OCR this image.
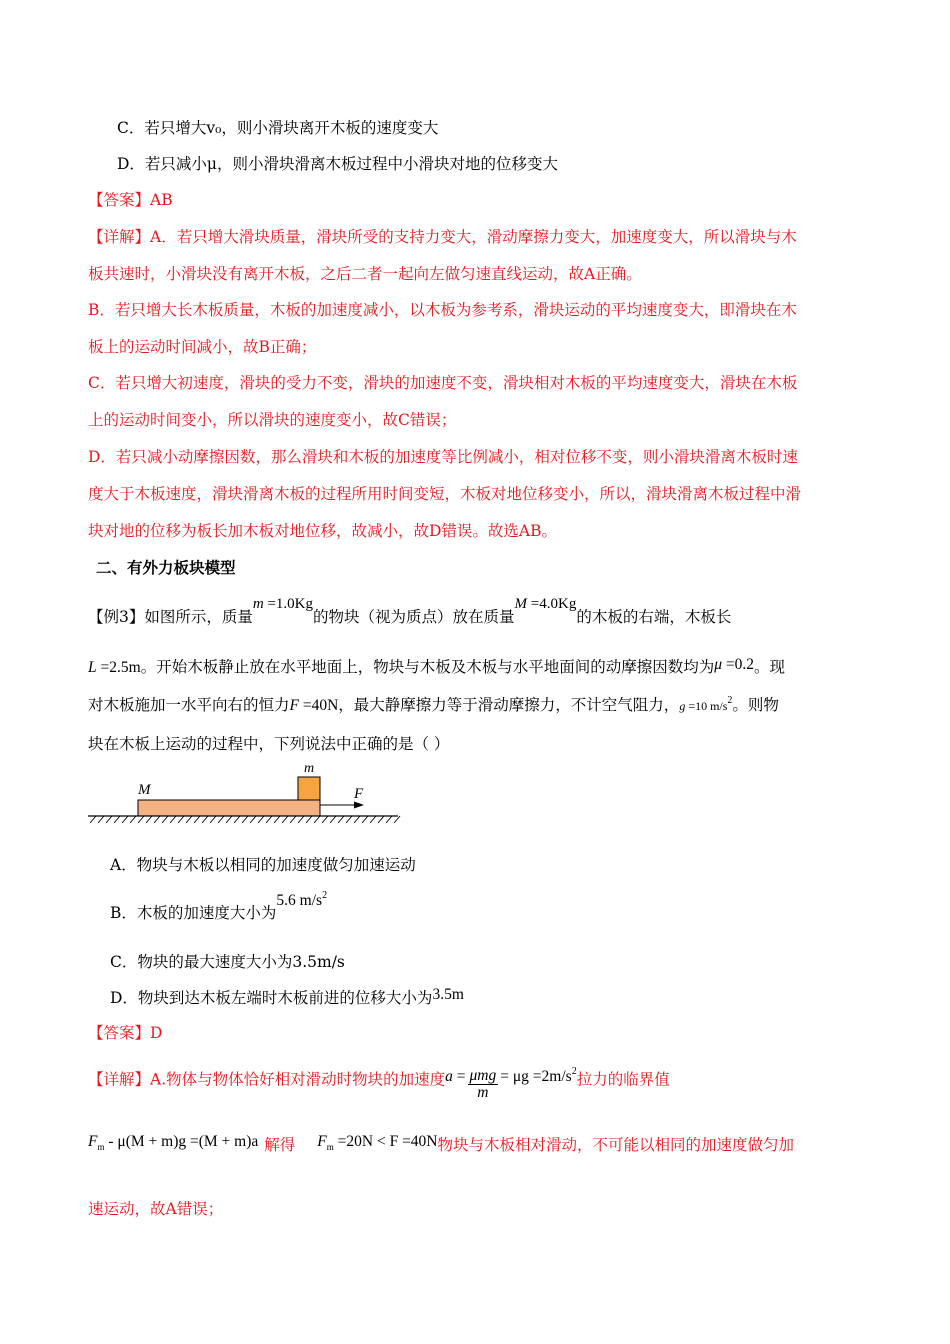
C．若只增大v₀，则小滑块离开木板的速度变大
D．若只减小μ，则小滑块滑离木板过程中小滑块对地的位移变大
【答案】AB
【详解】A．若只增大滑块质量，滑块所受的支持力变大，滑动摩擦力变大，加速度变大，所以滑块与木
板共速时，小滑块没有离开木板，之后二者一起向左做匀速直线运动，故A正确。
B．若只增大长木板质量，木板的加速度减小，以木板为参考系，滑块运动的平均速度变大，即滑块在木
板上的运动时间减小，故B正确；
C．若只增大初速度，滑块的受力不变，滑块的加速度不变，滑块相对木板的平均速度变大，滑块在木板
上的运动时间变小，所以滑块的速度变小，故C错误；
D．若只减小动摩擦因数，那么滑块和木板的加速度等比例减小，相对位移不变，则小滑块滑离木板时速
度大于木板速度，滑块滑离木板的过程所用时间变短，木板对地位移变小，所以，滑块滑离木板过程中滑
块对地的位移为板长加木板对地位移，故减小，故D错误。故选AB。
二、有外力板块模型
【例3】如图所示，质量m =1.0Kg的物块（视为质点）放在质量M =4.0Kg的木板的右端，木板长
L =2.5m。开始木板静止放在水平地面上，物块与木板及木板与水平地面间的动摩擦因数均为μ =0.2。现
对木板施加一水平向右的恒力F =40N，最大静摩擦力等于滑动摩擦力，不计空气阻力，g =10 $m/s^2$。则物
块在木板上运动的过程中，下列说法中正确的是（ ）
m
M	F
A．物块与木板以相同的加速度做匀加速运动
B．木板的加速度大小为5.6 $m/s^2$
C．物块的最大速度大小为3.5m/s
D．物块到达木板左端时木板前进的位移大小为3.5m
【答案】D
【详解】A.物体与物体恰好相对滑动时物块的加速度$a = \frac{\text{μmg}}{m} = \mu g =2m/s^2$拉力的临界值
$F_m - \mu(M + m)g =(M + m)a$ 解得 $F_m =20N < F =40N$物块与木板相对滑动，不可能以相同的加速度做匀加
速运动，故A错误；
